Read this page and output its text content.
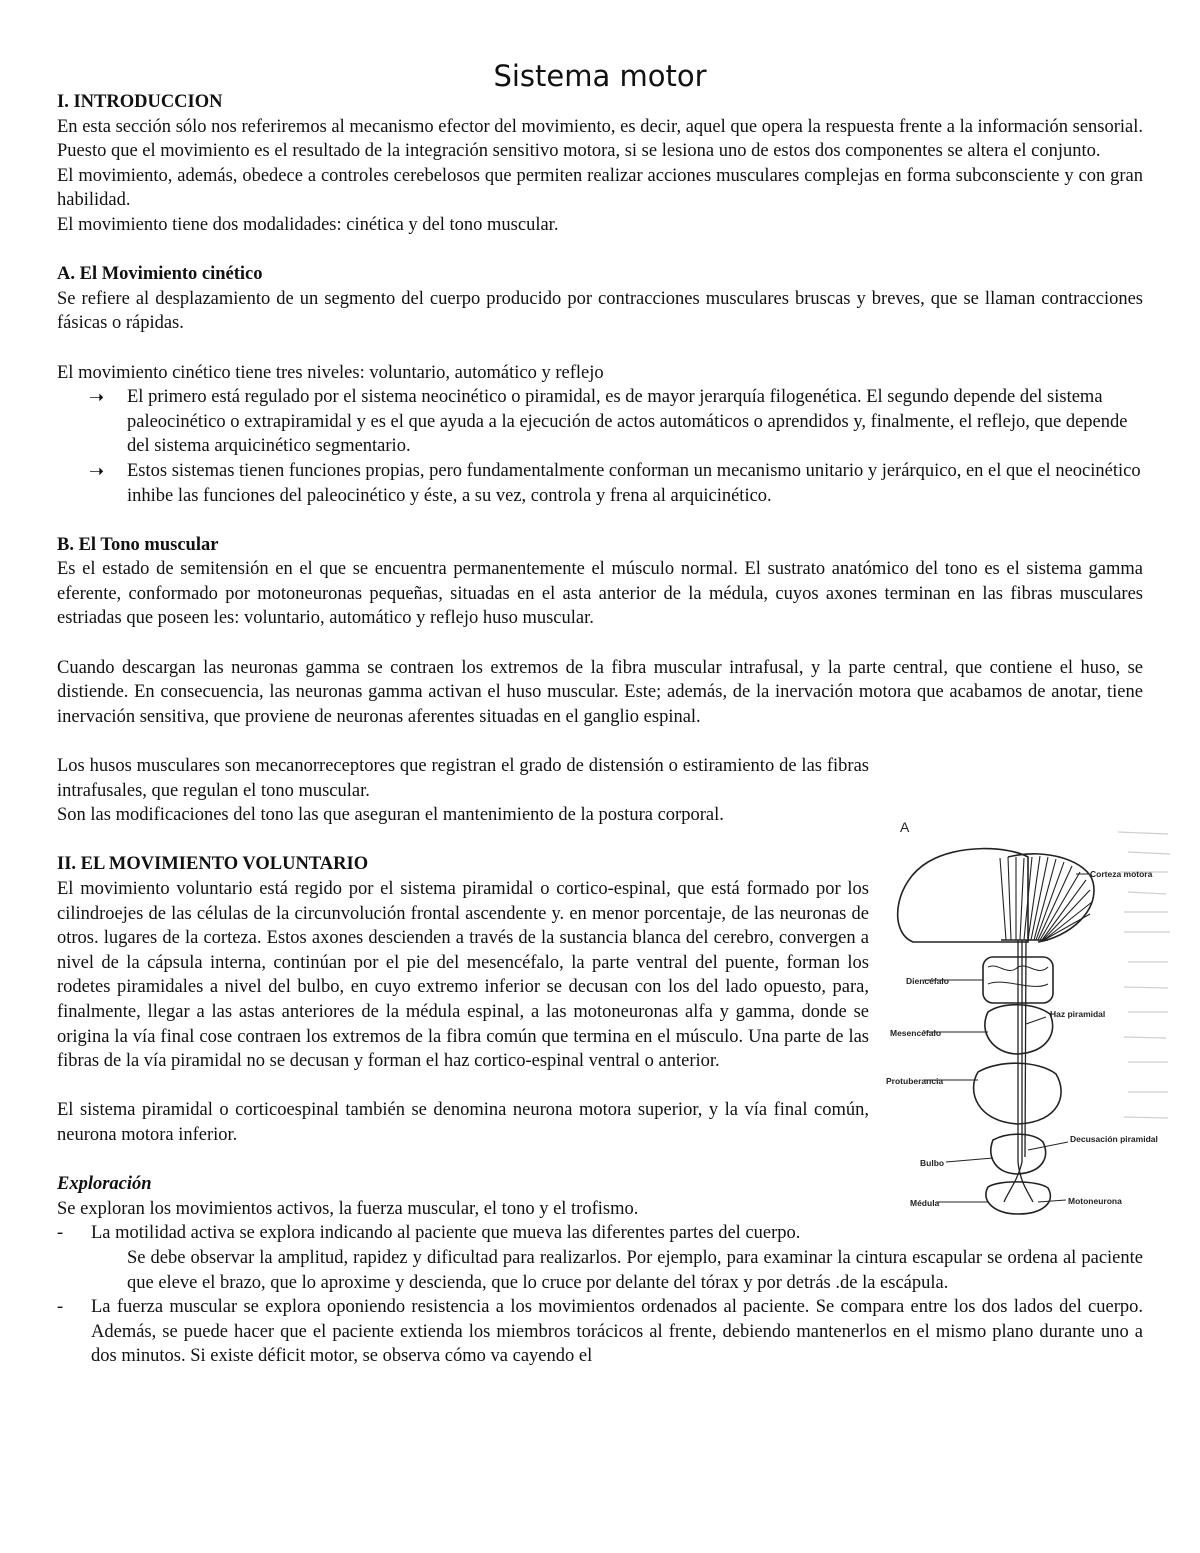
Sistema motor
I. INTRODUCCION

En esta sección sólo nos referiremos al mecanismo efector del movimiento, es decir, aquel que opera la respuesta frente a la información sensorial. Puesto que el movimiento es el resultado de la integración sensitivo motora, si se lesiona uno de estos dos componentes se altera el conjunto.

El movimiento, además, obedece a controles cerebelosos que permiten realizar acciones musculares complejas en forma subconsciente y con gran habilidad.

El movimiento tiene dos modalidades: cinética y del tono muscular.

A. El Movimiento cinético

Se refiere al desplazamiento de un segmento del cuerpo producido por contracciones musculares bruscas y breves, que se llaman contracciones fásicas o rápidas.

El movimiento cinético tiene tres niveles: voluntario, automático y reflejo

➝ El primero está regulado por el sistema neocinético o piramidal, es de mayor jerarquía filogenética. El segundo depende del sistema paleocinético o extrapiramidal y es el que ayuda a la ejecución de actos automáticos o aprendidos y, finalmente, el reflejo, que depende del sistema arquicinético segmentario.
➝ Estos sistemas tienen funciones propias, pero fundamentalmente conforman un mecanismo unitario y jerárquico, en el que el neocinético inhibe las funciones del paleocinético y éste, a su vez, controla y frena al arquicinético.
B. El Tono muscular

Es el estado de semitensión en el que se encuentra permanentemente el músculo normal. El sustrato anatómico del tono es el sistema gamma eferente, conformado por motoneuronas pequeñas, situadas en el asta anterior de la médula, cuyos axones terminan en las fibras musculares estriadas que poseen les: voluntario, automático y reflejo huso muscular.

Cuando descargan las neuronas gamma se contraen los extremos de la fibra muscular intrafusal, y la parte central, que contiene el huso, se distiende. En consecuencia, las neuronas gamma activan el huso muscular. Este; además, de la inervación motora que acabamos de anotar, tiene inervación sensitiva, que proviene de neuronas aferentes situadas en el ganglio espinal.

Los husos musculares son mecanorreceptores que registran el grado de distensión o estiramiento de las fibras intrafusales, que regulan el tono muscular.

Son las modificaciones del tono las que aseguran el mantenimiento de la postura corporal.

II. EL MOVIMIENTO VOLUNTARIO

El movimiento voluntario está regido por el sistema piramidal o cortico-espinal, que está formado por los cilindroejes de las células de la circunvolución frontal ascendente y. en menor porcentaje, de las neuronas de otros. lugares de la corteza. Estos axones descienden a través de la sustancia blanca del cerebro, convergen a nivel de la cápsula interna, continúan por el pie del mesencéfalo, la parte ventral del puente, forman los rodetes piramidales a nivel del bulbo, en cuyo extremo inferior se decusan con los del lado opuesto, para, finalmente, llegar a las astas anteriores de la médula espinal, a las motoneuronas alfa y gamma, donde se origina la vía final cose contraen los extremos de la fibra común que termina en el músculo. Una parte de las fibras de la vía piramidal no se decusan y forman el haz cortico-espinal ventral o anterior.

El sistema piramidal o corticoespinal también se denomina neurona motora superior, y la vía final común, neurona motora inferior.

Exploración

Se exploran los movimientos activos, la fuerza muscular, el tono y el trofismo.

- La motilidad activa se explora indicando al paciente que mueva las diferentes partes del cuerpo.
Se debe observar la amplitud, rapidez y dificultad para realizarlos. Por ejemplo, para examinar la cintura escapular se ordena al paciente que eleve el brazo, que lo aproxime y descienda, que lo cruce por delante del tórax y por detrás .de la escápula.
- La fuerza muscular se explora oponiendo resistencia a los movimientos ordenados al paciente. Se compara entre los dos lados del cuerpo. Además, se puede hacer que el paciente extienda los miembros torácicos al frente, debiendo mantenerlos en el mismo plano durante uno a dos minutos. Si existe déficit motor, se observa cómo va cayendo el
A
Corteza motora
Diencéfalo
Haz piramidal
Mesencéfalo
Protuberancia
Decusación piramidal
Bulbo
Médula	Motoneurona
